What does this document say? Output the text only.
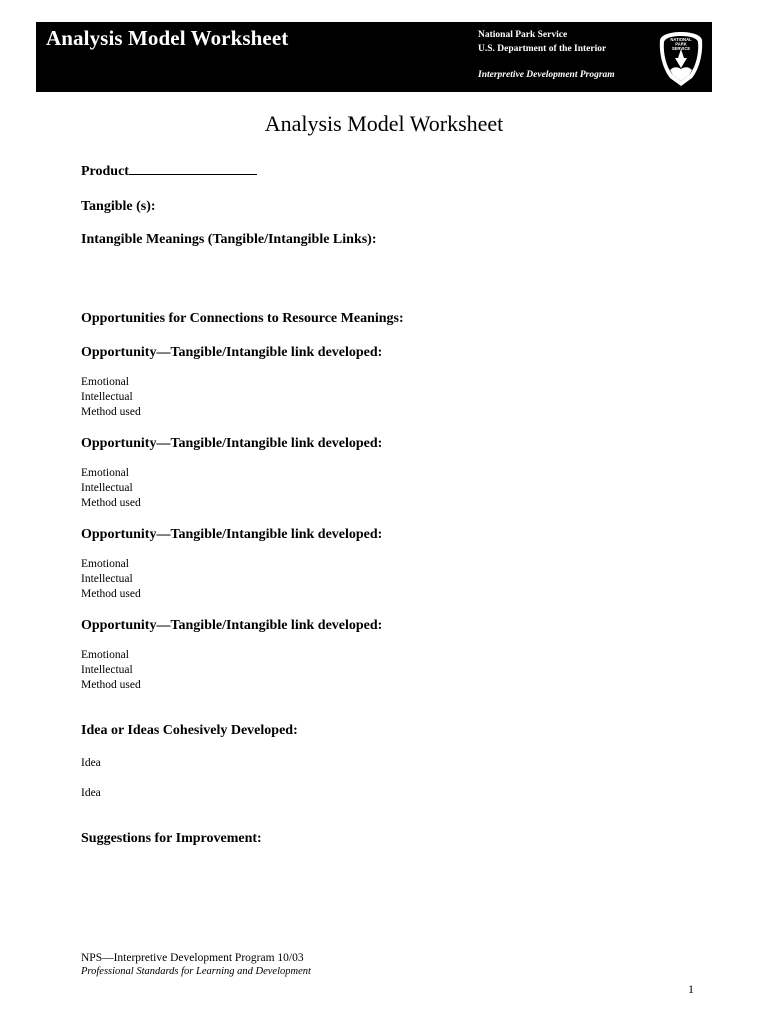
Analysis Model Worksheet	National Park Service
U.S. Department of the Interior
Interpretive Development Program
NATIONAL
PARK
SERVICE
Analysis Model Worksheet

Product

Tangible (s):

Intangible Meanings (Tangible/Intangible Links):

Opportunities for Connections to Resource Meanings:

Opportunity—Tangible/Intangible link developed:

Emotional

Intellectual

Method used

Opportunity—Tangible/Intangible link developed:

Emotional

Intellectual

Method used

Opportunity—Tangible/Intangible link developed:

Emotional

Intellectual

Method used

Opportunity—Tangible/Intangible link developed:

Emotional

Intellectual

Method used

Idea or Ideas Cohesively Developed:

Idea

Idea

Suggestions for Improvement:

NPS—Interpretive Development Program 10/03
Professional Standards for Learning and Development
1
